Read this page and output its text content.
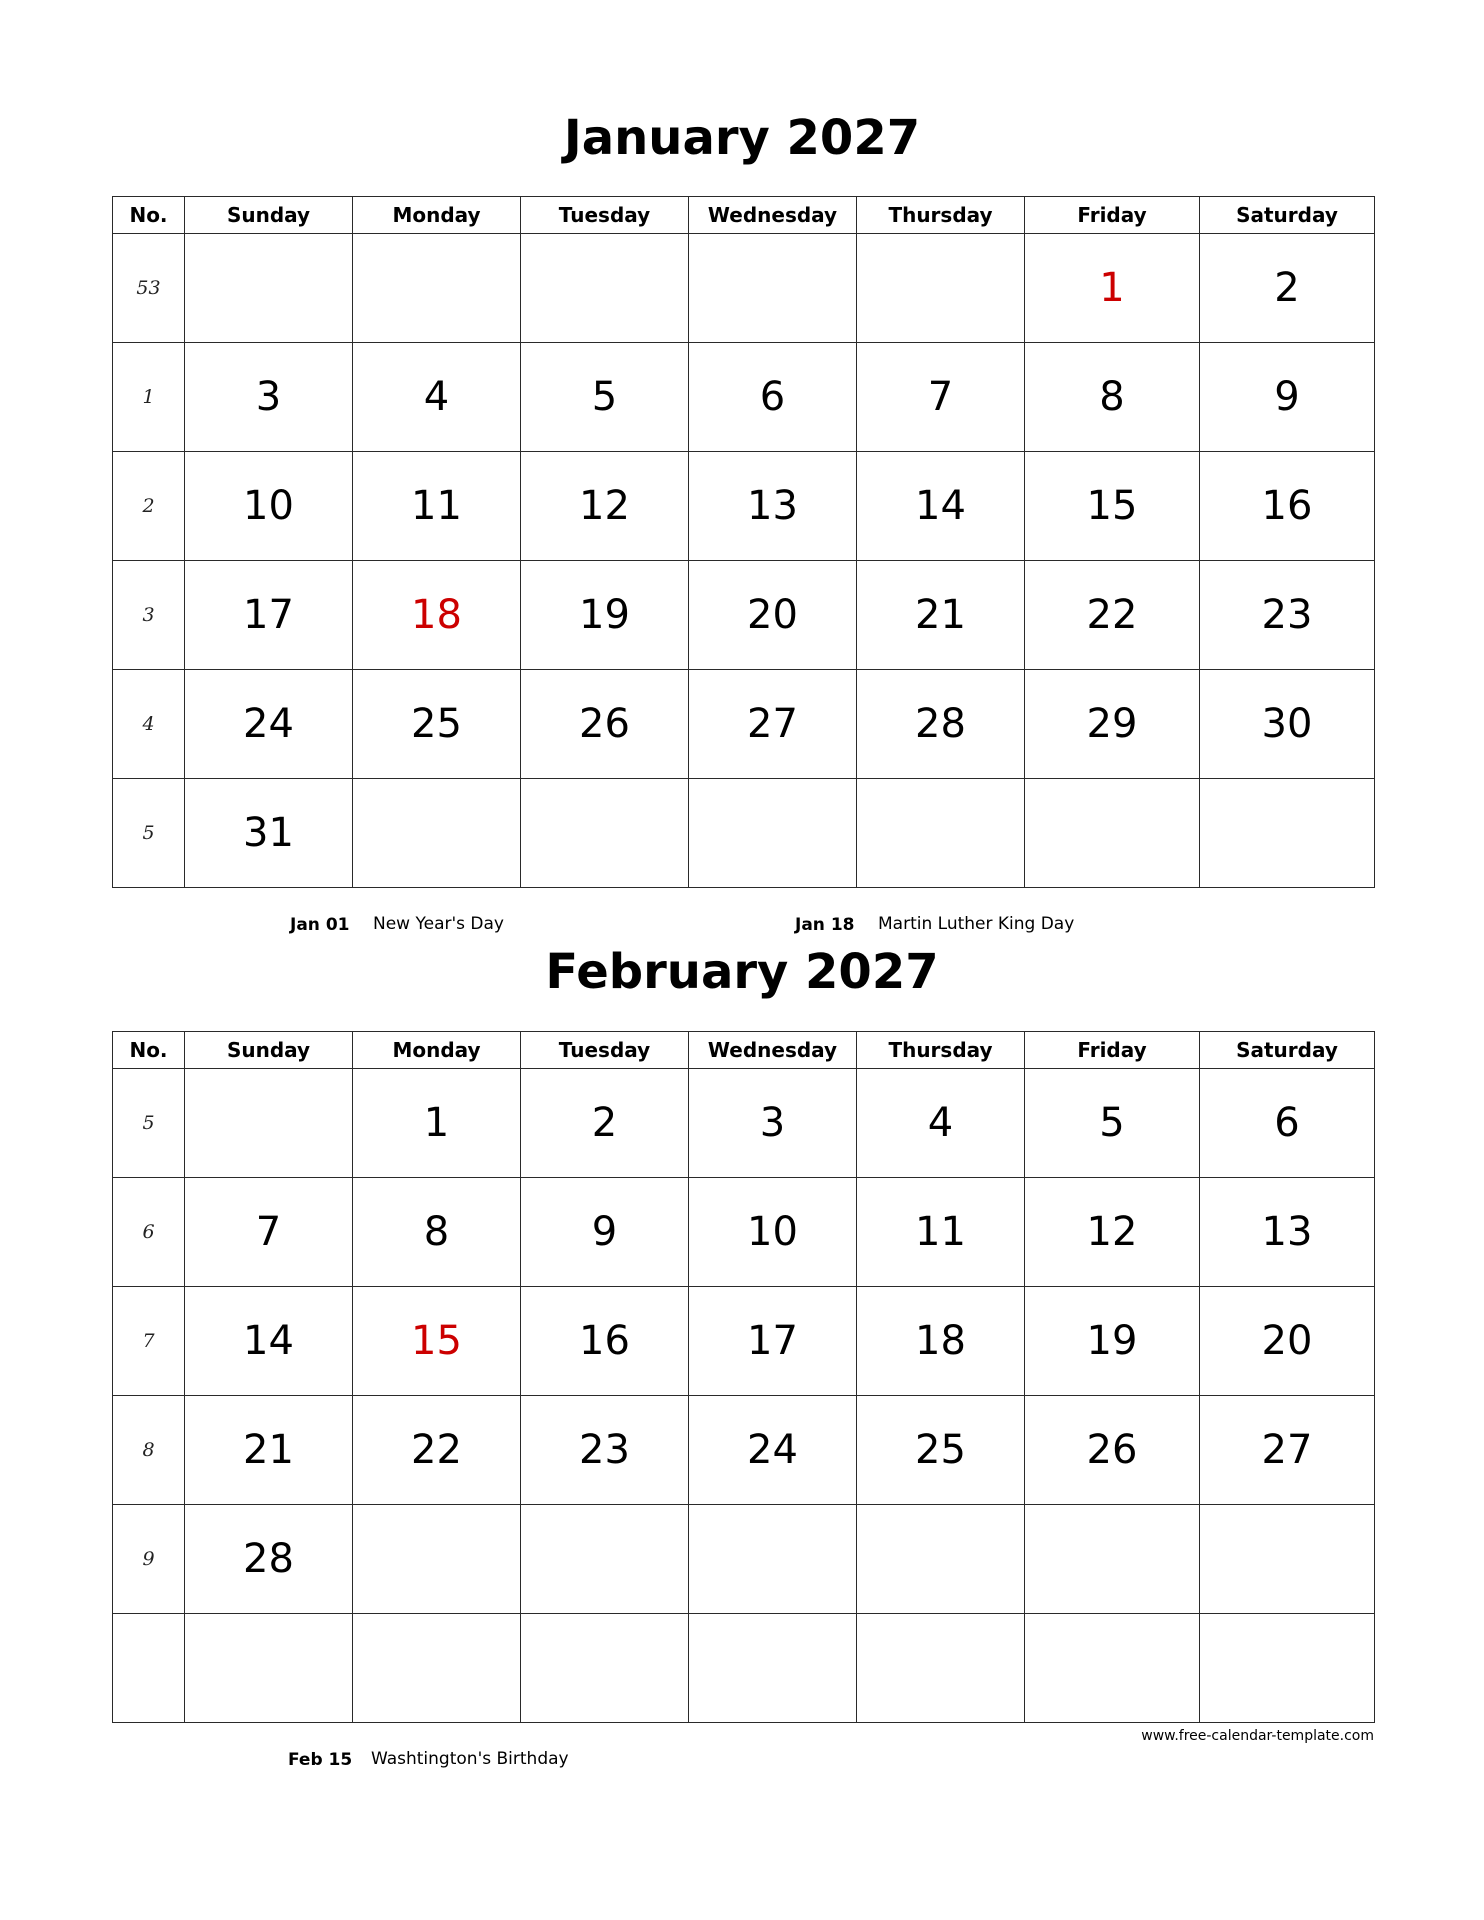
January 2027
No.	Sunday	Monday	Tuesday	Wednesday	Thursday	Friday	Saturday
53						1	2
1	3	4	5	6	7	8	9
2	10	11	12	13	14	15	16
3	17	18	19	20	21	22	23
4	24	25	26	27	28	29	30
5	31						
Jan 01 New Year's Day	Jan 18 Martin Luther King Day
February 2027
No.	Sunday	Monday	Tuesday	Wednesday	Thursday	Friday	Saturday
5		1	2	3	4	5	6
6	7	8	9	10	11	12	13
7	14	15	16	17	18	19	20
8	21	22	23	24	25	26	27
9	28						

www.free-calendar-template.com
Feb 15 Washtington's Birthday
